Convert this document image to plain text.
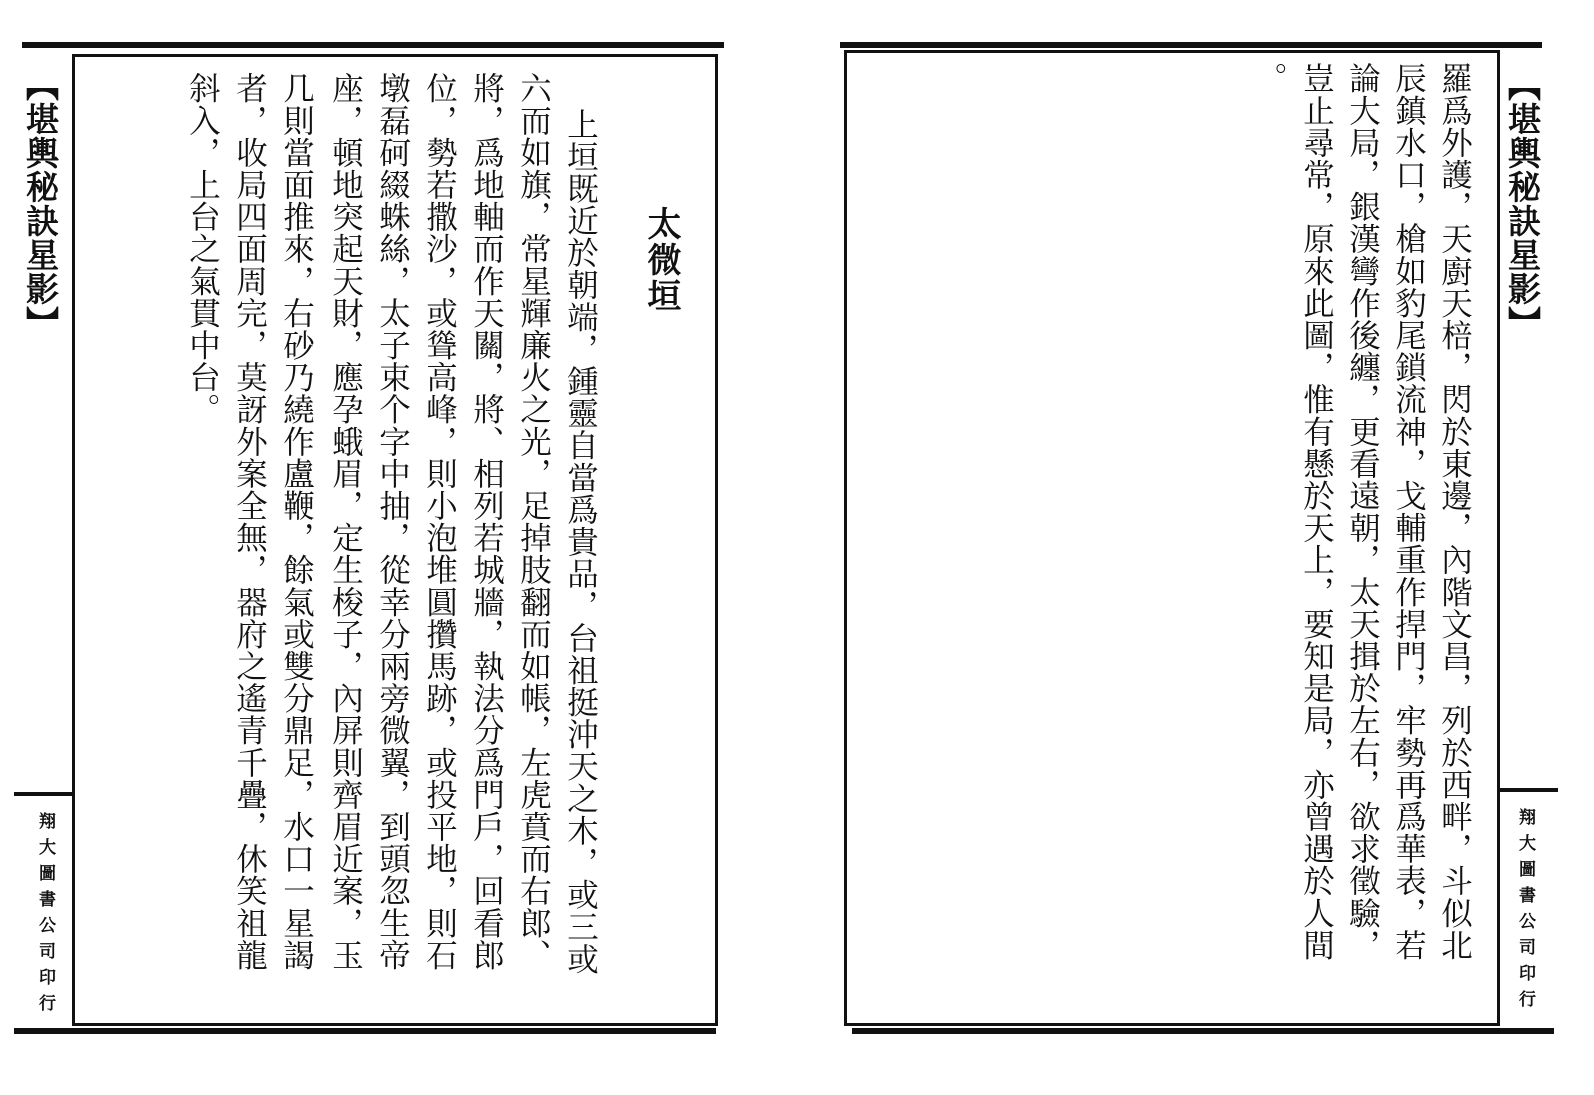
【堪輿秘訣星影】
翔大圖書公司印行
太微垣
上垣既近於朝端，鍾靈自當爲貴品，台祖挺沖天之木，或三或
六而如旗，常星輝廉火之光，足掉肢翻而如帳，左虎賁而右郎、
將，爲地軸而作天關，將、相列若城牆，執法分爲門戶，回看郎
位，勢若撒沙，或聳高峰，則小泡堆圓攢馬跡，或投平地，則石
墩磊砢綴蛛絲，太子束个字中抽，從幸分兩旁微翼，到頭忽生帝
座，頓地突起天財，應孕蛾眉，定生梭子，內屏則齊眉近案，玉
几則當面推來，右砂乃繞作盧鞭，餘氣或雙分鼎足，水口一星謁
者，收局四面周完，莫訝外案全無，器府之遙青千疊，休笑祖龍
斜入，上台之氣貫中台。	【堪輿秘訣星影】
翔大圖書公司印行
羅爲外護，天廚天棓，閃於東邊，內階文昌，列於西畔，斗似北
辰鎮水口，槍如豹尾鎖流神，戈輔重作捍門，牢勢再爲華表，若
論大局，銀漢彎作後纏，更看遠朝，太天揖於左右，欲求徵驗，
豈止尋常，原來此圖，惟有懸於天上，要知是局，亦曾遇於人間
。
